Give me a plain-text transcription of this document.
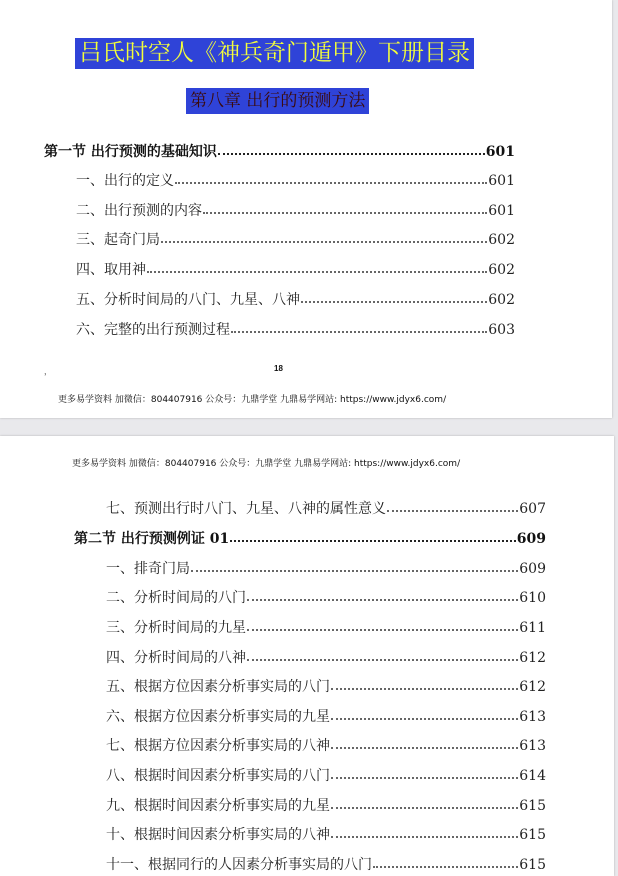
吕氏时空人《神兵奇门遁甲》下册目录
第八章 出行的预测方法
第一节 出行预测的基础知识	601
一、出行的定义	601
二、出行预测的内容	601
三、起奇门局	602
四、取用神	602
五、分析时间局的八门、九星、八神	602
六、完整的出行预测过程	603
，	18
更多易学资料 加微信：804407916 公众号：九鼎学堂 九鼎易学网站: https://www.jdyx6.com/
更多易学资料 加微信：804407916 公众号：九鼎学堂 九鼎易学网站: https://www.jdyx6.com/
七、预测出行时八门、九星、八神的属性意义	607
第二节 出行预测例证 01	609
一、排奇门局	609
二、分析时间局的八门	610
三、分析时间局的九星	611
四、分析时间局的八神	612
五、根据方位因素分析事实局的八门	612
六、根据方位因素分析事实局的九星	613
七、根据方位因素分析事实局的八神	613
八、根据时间因素分析事实局的八门	614
九、根据时间因素分析事实局的九星	615
十、根据时间因素分析事实局的八神	615
十一、根据同行的人因素分析事实局的八门	615
